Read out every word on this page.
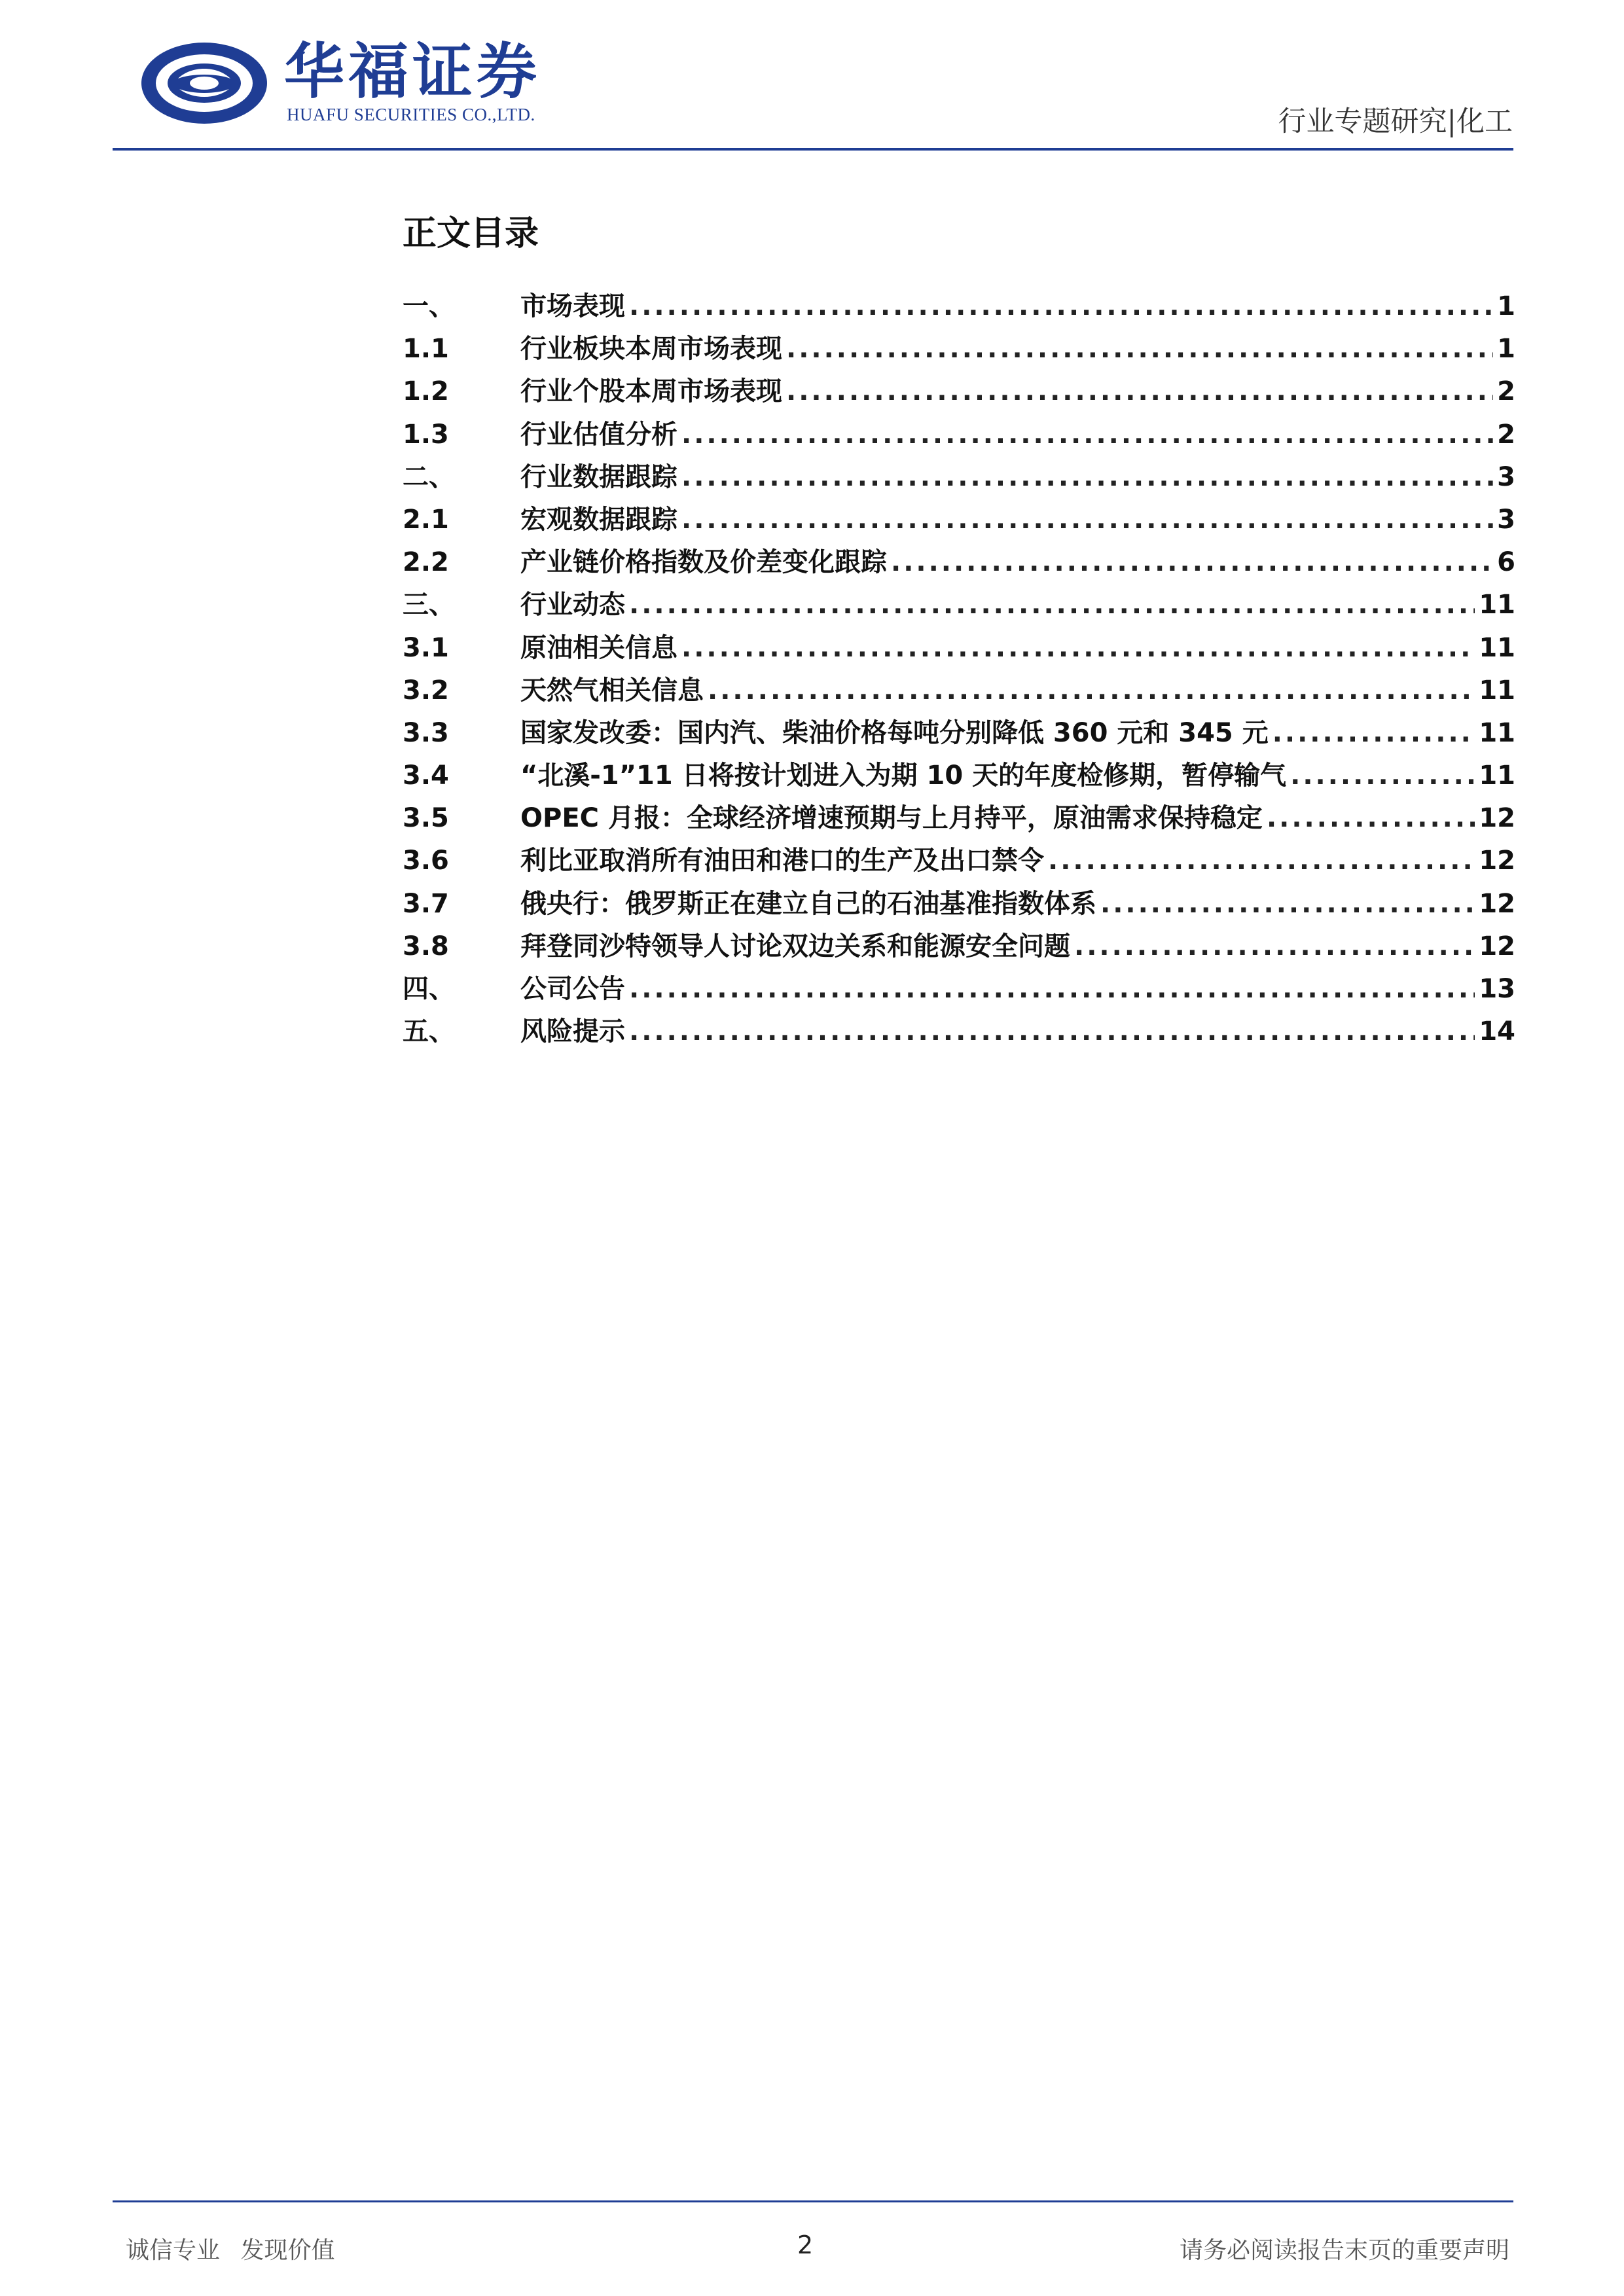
华福证券
HUAFU SECURITIES CO.,LTD.	行业专题研究|化工
正文目录
一、	市场表现 .....	1
1.1	行业板块本周市场表现 .....	1
1.2	行业个股本周市场表现 .....	2
1.3	行业估值分析 .....	2
二、	行业数据跟踪 .....	3
2.1	宏观数据跟踪 .....	3
2.2	产业链价格指数及价差变化跟踪 .....	6
三、	行业动态 .....	11
3.1	原油相关信息 .....	11
3.2	天然气相关信息 .....	11
3.3	国家发改委：国内汽、柴油价格每吨分别降低 360 元和 345 元 .....	11
3.4	“北溪-1”11 日将按计划进入为期 10 天的年度检修期，暂停输气 .....	11
3.5	OPEC 月报：全球经济增速预期与上月持平，原油需求保持稳定 .....	12
3.6	利比亚取消所有油田和港口的生产及出口禁令 .....	12
3.7	俄央行：俄罗斯正在建立自己的石油基准指数体系 .....	12
3.8	拜登同沙特领导人讨论双边关系和能源安全问题 .....	12
四、	公司公告 .....	13
五、	风险提示 .....	14
诚信专业 发现价值	2	请务必阅读报告末页的重要声明
